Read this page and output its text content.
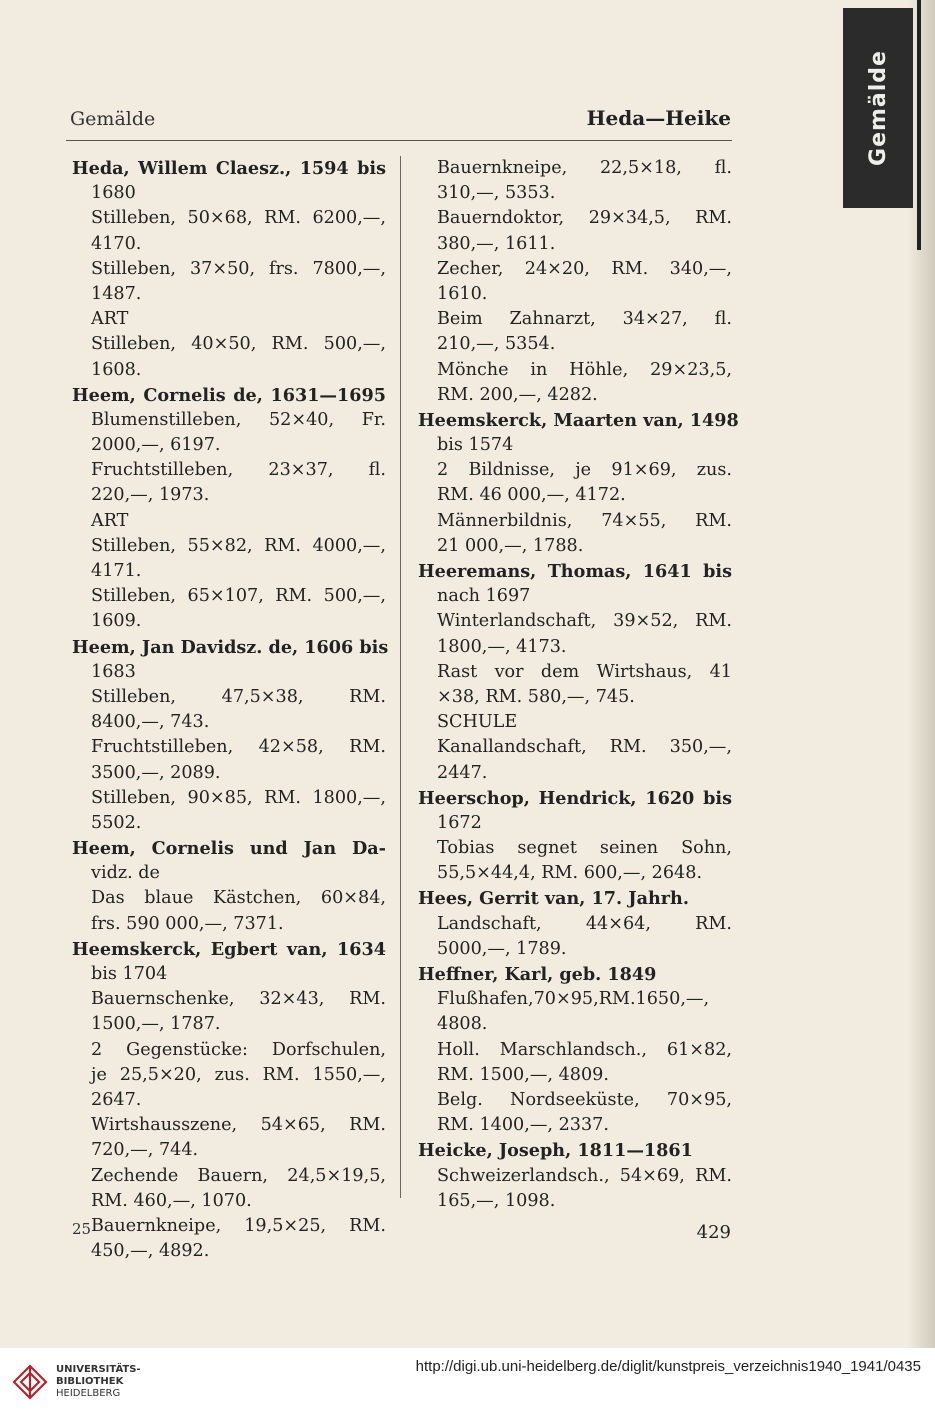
Gemälde
Gemälde	Heda—Heike
Heda, Willem Claesz., 1594 bis
1680
Stilleben, 50×68, RM. 6200,—,
4170.
Stilleben, 37×50, frs. 7800,—,
1487.
ART
Stilleben, 40×50, RM. 500,—,
1608.
Heem, Cornelis de, 1631—1695
Blumenstilleben, 52×40, Fr.
2000,—, 6197.
Fruchtstilleben, 23×37, fl.
220,—, 1973.
ART
Stilleben, 55×82, RM. 4000,—,
4171.
Stilleben, 65×107, RM. 500,—,
1609.
Heem, Jan Davidsz. de, 1606 bis
1683
Stilleben, 47,5×38, RM.
8400,—, 743.
Fruchtstilleben, 42×58, RM.
3500,—, 2089.
Stilleben, 90×85, RM. 1800,—,
5502.
Heem, Cornelis und Jan Da-
vidz. de
Das blaue Kästchen, 60×84,
frs. 590 000,—, 7371.
Heemskerck, Egbert van, 1634
bis 1704
Bauernschenke, 32×43, RM.
1500,—, 1787.
2 Gegenstücke: Dorfschulen,
je 25,5×20, zus. RM. 1550,—,
2647.
Wirtshausszene, 54×65, RM.
720,—, 744.
Zechende Bauern, 24,5×19,5,
RM. 460,—, 1070.
Bauernkneipe, 19,5×25, RM.
450,—, 4892.
Bauernkneipe, 22,5×18, fl.
310,—, 5353.
Bauerndoktor, 29×34,5, RM.
380,—, 1611.
Zecher, 24×20, RM. 340,—,
1610.
Beim Zahnarzt, 34×27, fl.
210,—, 5354.
Mönche in Höhle, 29×23,5,
RM. 200,—, 4282.
Heemskerck, Maarten van, 1498
bis 1574
2 Bildnisse, je 91×69, zus.
RM. 46 000,—, 4172.
Männerbildnis, 74×55, RM.
21 000,—, 1788.
Heeremans, Thomas, 1641 bis
nach 1697
Winterlandschaft, 39×52, RM.
1800,—, 4173.
Rast vor dem Wirtshaus, 41
×38, RM. 580,—, 745.
SCHULE
Kanallandschaft, RM. 350,—,
2447.
Heerschop, Hendrick, 1620 bis
1672
Tobias segnet seinen Sohn,
55,5×44,4, RM. 600,—, 2648.
Hees, Gerrit van, 17. Jahrh.
Landschaft, 44×64, RM.
5000,—, 1789.
Heffner, Karl, geb. 1849
Flußhafen,70×95,RM.1650,—,
4808.
Holl. Marschlandsch., 61×82,
RM. 1500,—, 4809.
Belg. Nordseeküste, 70×95,
RM. 1400,—, 2337.
Heicke, Joseph, 1811—1861
Schweizerlandsch., 54×69, RM.
165,—, 1098.
25	429
UNIVERSITÄTS-
BIBLIOTHEK
HEIDELBERG
http://digi.ub.uni-heidelberg.de/diglit/kunstpreis_verzeichnis1940_1941/0435
